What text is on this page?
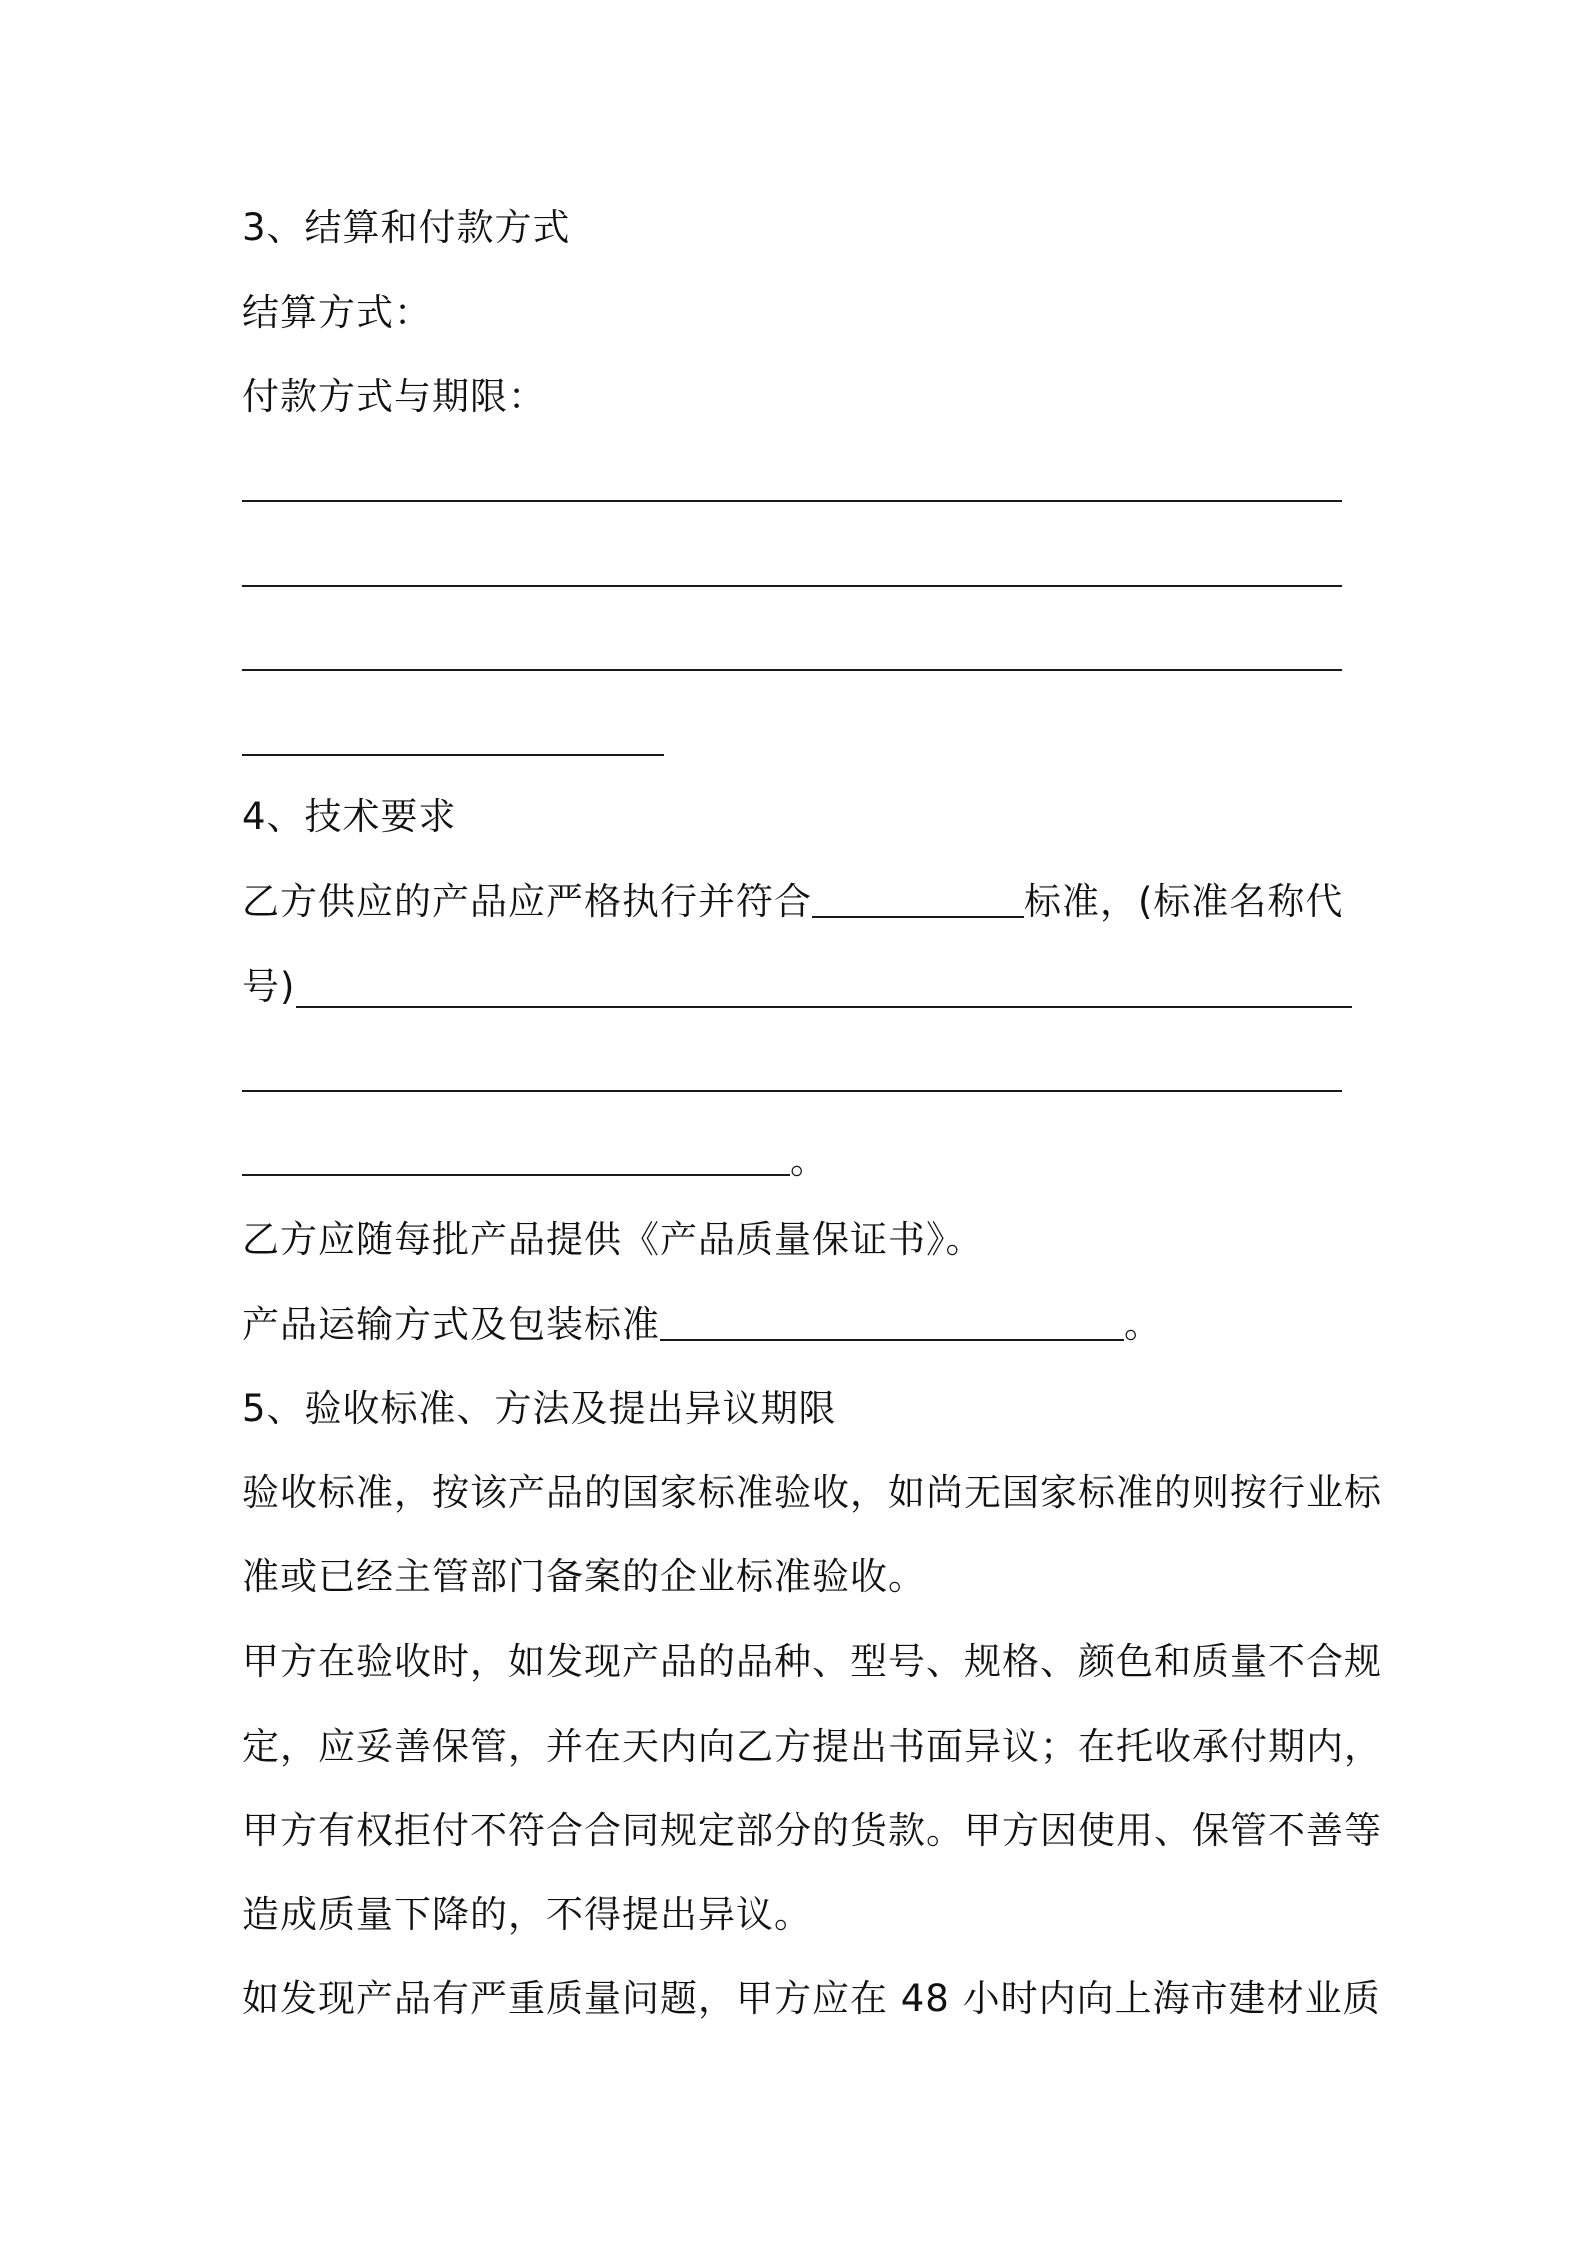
3、结算和付款方式
结算方式：
付款方式与期限：
4、技术要求
乙方供应的产品应严格执行并符合	标准，(标准名称代
号)
。
乙方应随每批产品提供《产品质量保证书》。
产品运输方式及包装标准	。
5、验收标准、方法及提出异议期限
验收标准，按该产品的国家标准验收，如尚无国家标准的则按行业标
准或已经主管部门备案的企业标准验收。
甲方在验收时，如发现产品的品种、型号、规格、颜色和质量不合规
定，应妥善保管，并在天内向乙方提出书面异议；在托收承付期内，
甲方有权拒付不符合合同规定部分的货款。甲方因使用、保管不善等
造成质量下降的，不得提出异议。
如发现产品有严重质量问题，甲方应在 48 小时内向上海市建材业质
